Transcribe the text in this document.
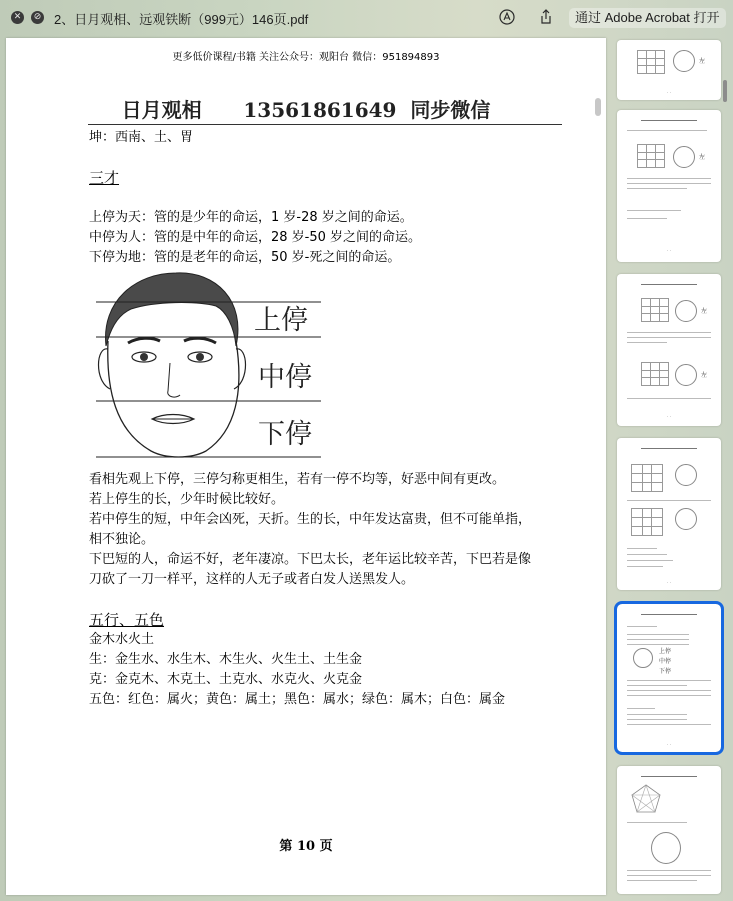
✕	⊘ 2、日月观相、远观铁断（999元）146页.pdf	通过 Adobe Acrobat 打开
更多低价课程/书籍 关注公众号：观阳台 微信：951894893
日月观相      13561861649  同步微信
坤：西南、土、胃
三才
上停为天：管的是少年的命运，1 岁-28 岁之间的命运。
中停为人：管的是中年的命运，28 岁-50 岁之间的命运。
下停为地：管的是老年的命运，50 岁-死之间的命运。
上停
中停
下停
看相先观上下停，三停匀称更相生，若有一停不均等，好恶中间有更改。
若上停生的长，少年时候比较好。
若中停生的短，中年会凶死，天折。生的长，中年发达富贵，但不可能单指，
相不独论。
下巴短的人，命运不好，老年凄凉。下巴太长，老年运比较辛苦，下巴若是像
刀砍了一刀一样平，这样的人无子或者白发人送黑发人。
五行、五色
金木水火土
生：金生水、水生木、木生火、火生土、土生金
克：金克木、木克土、土克水、水克火、火克金
五色：红色：属火；黄色：属土；黑色：属水；绿色：属木；白色：属金
第 10 页
左
· ·
左
· ·
左
左
· ·
· ·
上停
中停
下停
· ·
